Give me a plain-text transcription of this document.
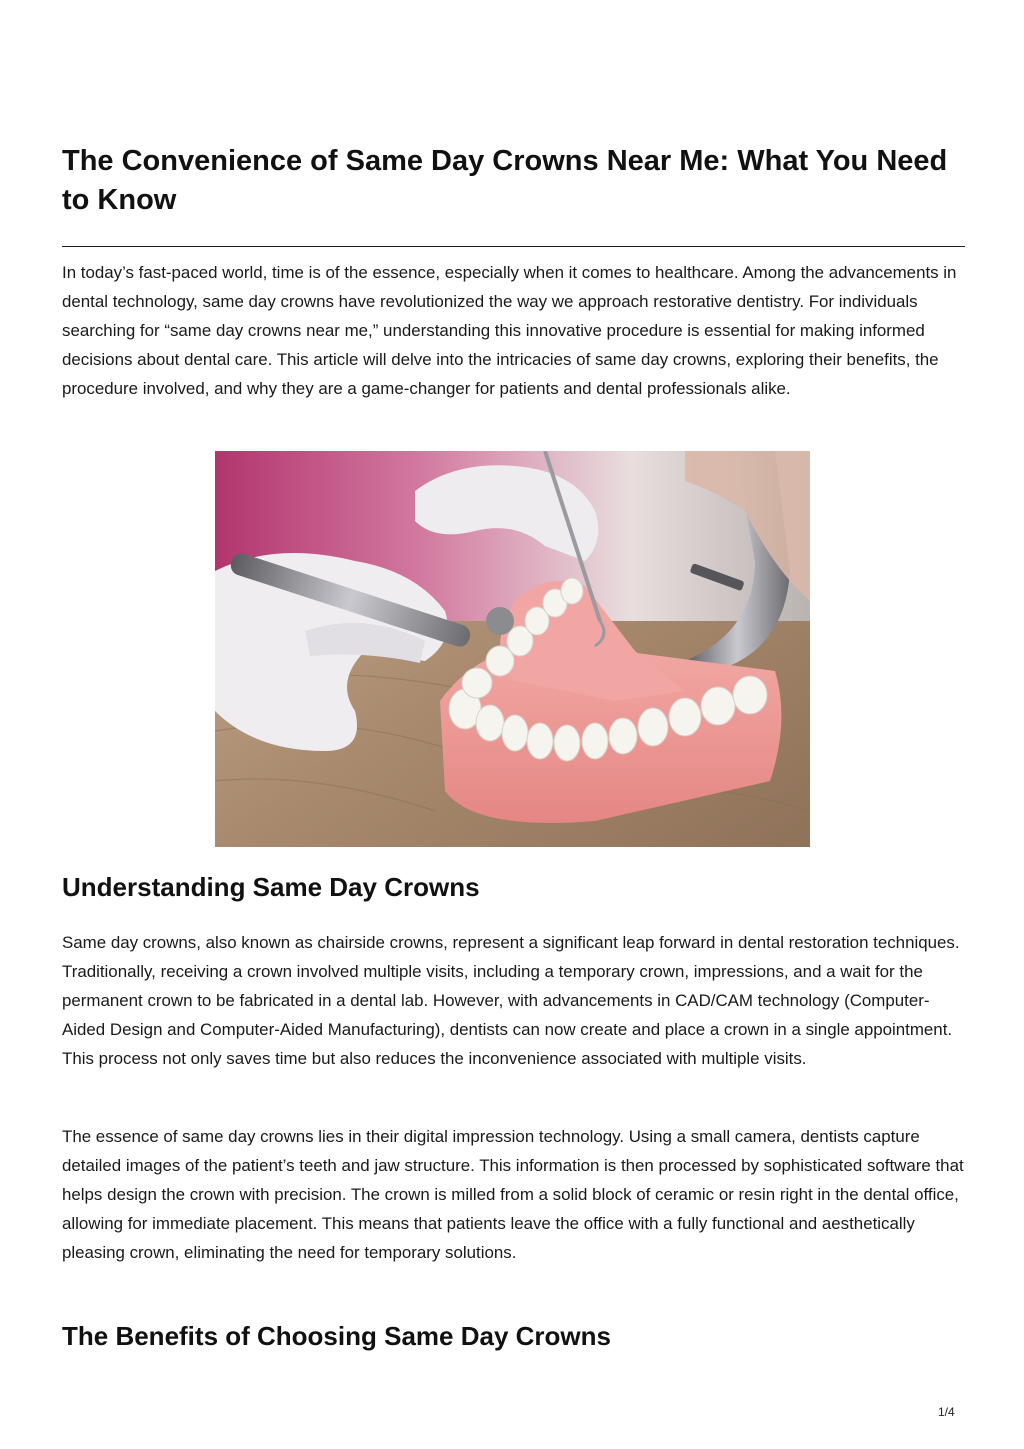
The Convenience of Same Day Crowns Near Me: What You Need to Know

In today’s fast-paced world, time is of the essence, especially when it comes to healthcare. Among the advancements in dental technology, same day crowns have revolutionized the way we approach restorative dentistry. For individuals searching for “same day crowns near me,” understanding this innovative procedure is essential for making informed decisions about dental care. This article will delve into the intricacies of same day crowns, exploring their benefits, the procedure involved, and why they are a game-changer for patients and dental professionals alike.

Understanding Same Day Crowns

Same day crowns, also known as chairside crowns, represent a significant leap forward in dental restoration techniques. Traditionally, receiving a crown involved multiple visits, including a temporary crown, impressions, and a wait for the permanent crown to be fabricated in a dental lab. However, with advancements in CAD/CAM technology (Computer-Aided Design and Computer-Aided Manufacturing), dentists can now create and place a crown in a single appointment. This process not only saves time but also reduces the inconvenience associated with multiple visits.

The essence of same day crowns lies in their digital impression technology. Using a small camera, dentists capture detailed images of the patient’s teeth and jaw structure. This information is then processed by sophisticated software that helps design the crown with precision. The crown is milled from a solid block of ceramic or resin right in the dental office, allowing for immediate placement. This means that patients leave the office with a fully functional and aesthetically pleasing crown, eliminating the need for temporary solutions.

The Benefits of Choosing Same Day Crowns
1/4
